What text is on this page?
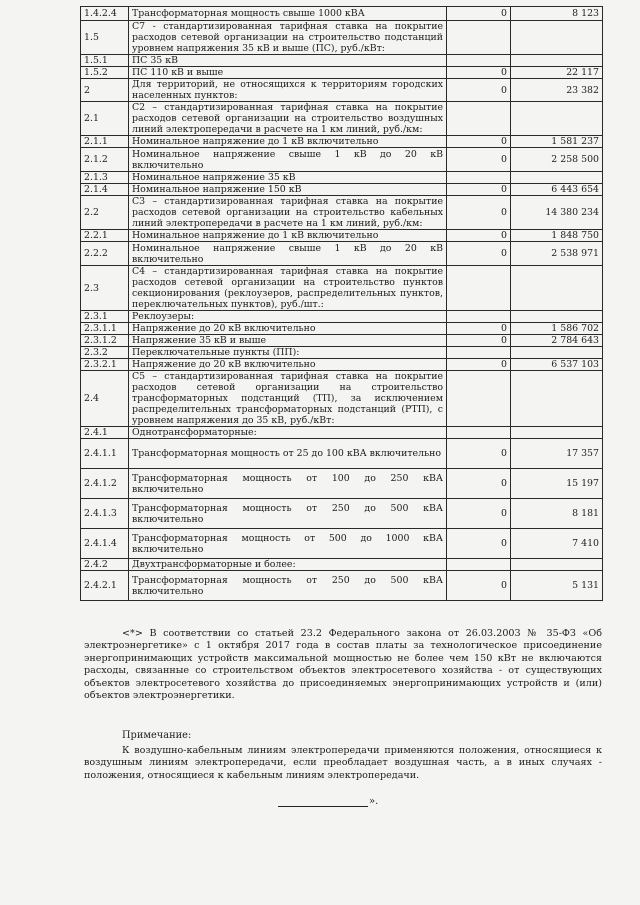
1.4.2.4	Трансформаторная мощность свыше 1000 кВА	0	8 123
1.5	С7 - стандартизированная тарифная ставка на покрытие расходов сетевой организации на строительство подстанций уровнем напряжения 35 кВ и выше (ПС), руб./кВт:		
1.5.1	ПС 35 кВ		
1.5.2	ПС 110 кВ и выше	0	22 117
2	Для территорий, не относящихся к территориям городских населенных пунктов:	0	23 382
2.1	С2 – стандартизированная тарифная ставка на покрытие расходов сетевой организации на строительство воздушных линий электропередачи в расчете на 1 км линий, руб./км:		
2.1.1	Номинальное напряжение до 1 кВ включительно	0	1 581 237
2.1.2	Номинальное напряжение свыше 1 кВ до 20 кВ включительно	0	2 258 500
2.1.3	Номинальное напряжение 35 кВ		
2.1.4	Номинальное напряжение 150 кВ	0	6 443 654
2.2	С3 – стандартизированная тарифная ставка на покрытие расходов сетевой организации на строительство кабельных линий электропередачи в расчете на 1 км линий, руб./км:	0	14 380 234
2.2.1	Номинальное напряжение до 1 кВ включительно	0	1 848 750
2.2.2	Номинальное напряжение свыше 1 кВ до 20 кВ включительно	0	2 538 971
2.3	С4 – стандартизированная тарифная ставка на покрытие расходов сетевой организации на строительство пунктов секционирования (реклоузеров, распределительных пунктов, переключательных пунктов), руб./шт.:		
2.3.1	Реклоузеры:		
2.3.1.1	Напряжение до 20 кВ включительно	0	1 586 702
2.3.1.2	Напряжение 35 кВ и выше	0	2 784 643
2.3.2	Переключательные пункты (ПП):		
2.3.2.1	Напряжение до 20 кВ включительно	0	6 537 103
2.4	С5 – стандартизированная тарифная ставка на покрытие расходов сетевой организации на строительство трансформаторных подстанций (ТП), за исключением распределительных трансформаторных подстанций (РТП), с уровнем напряжения до 35 кВ, руб./кВт:		
2.4.1	Однотрансформаторные:		
2.4.1.1	Трансформаторная мощность от 25 до 100 кВА включительно	0	17 357
2.4.1.2	Трансформаторная мощность от 100 до 250 кВА включительно	0	15 197
2.4.1.3	Трансформаторная мощность от 250 до 500 кВА включительно	0	8 181
2.4.1.4	Трансформаторная мощность от 500 до 1000 кВА включительно	0	7 410
2.4.2	Двухтрансформаторные и более:		
2.4.2.1	Трансформаторная мощность от 250 до 500 кВА включительно	0	5 131

<*> В соответствии со статьей 23.2 Федерального закона от 26.03.2003 № 35-ФЗ «Об электроэнергетике» с 1 октября 2017 года в состав платы за технологическое присоединение энергопринимающих устройств максимальной мощностью не более чем 150 кВт не включаются расходы, связанные со строительством объектов электросетевого хозяйства - от существующих объектов электросетевого хозяйства до присоединяемых энергопринимающих устройств и (или) объектов электроэнергетики.

Примечание:

К воздушно-кабельным линиям электропередачи применяются положения, относящиеся к воздушным линиям электропередачи, если преобладает воздушная часть, а в иных случаях - положения, относящиеся к кабельным линиям электропередачи.

».
